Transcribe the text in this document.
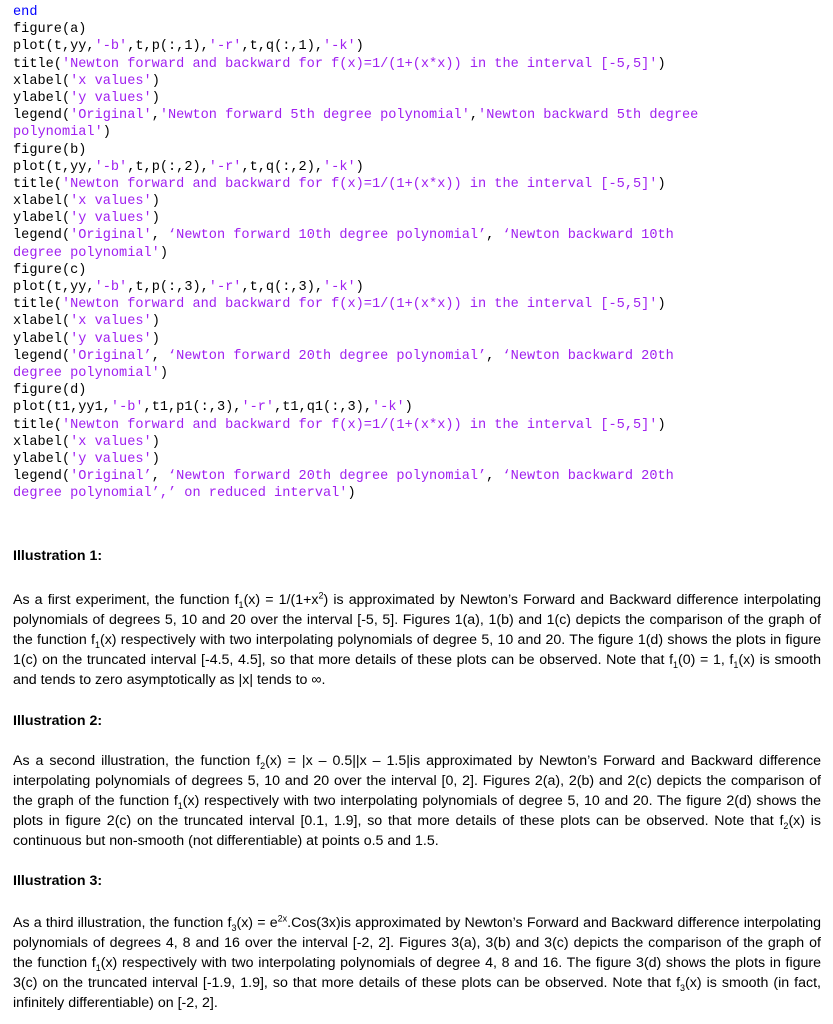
end
figure(a)
plot(t,yy,'-b',t,p(:,1),'-r',t,q(:,1),'-k')
title('Newton forward and backward for f(x)=1/(1+(x*x)) in the interval [-5,5]')
xlabel('x values')
ylabel('y values')
legend('Original','Newton forward 5th degree polynomial','Newton backward 5th degree
polynomial')
figure(b)
plot(t,yy,'-b',t,p(:,2),'-r',t,q(:,2),'-k')
title('Newton forward and backward for f(x)=1/(1+(x*x)) in the interval [-5,5]')
xlabel('x values')
ylabel('y values')
legend('Original', ‘Newton forward 10th degree polynomial’, ‘Newton backward 10th
degree polynomial')
figure(c)
plot(t,yy,'-b',t,p(:,3),'-r',t,q(:,3),'-k')
title('Newton forward and backward for f(x)=1/(1+(x*x)) in the interval [-5,5]')
xlabel('x values')
ylabel('y values')
legend('Original’, ‘Newton forward 20th degree polynomial’, ‘Newton backward 20th
degree polynomial')
figure(d)
plot(t1,yy1,'-b',t1,p1(:,3),'-r',t1,q1(:,3),'-k')
title('Newton forward and backward for f(x)=1/(1+(x*x)) in the interval [-5,5]')
xlabel('x values')
ylabel('y values')
legend('Original’, ‘Newton forward 20th degree polynomial’, ‘Newton backward 20th
degree polynomial’,’ on reduced interval')
Illustration 1:
As a first experiment, the function $f_1(x) = 1/(1+x^2)$ is approximated by Newton’s Forward and Backward difference interpolating polynomials of degrees 5, 10 and 20 over the interval [-5, 5]. Figures 1(a), 1(b) and 1(c) depicts the comparison of the graph of the function $f_1(x)$ respectively with two interpolating polynomials of degree 5, 10 and 20. The figure 1(d) shows the plots in figure 1(c) on the truncated interval [-4.5, 4.5], so that more details of these plots can be observed. Note that $f_1(0) = 1$, $f_1(x)$ is smooth and tends to zero asymptotically as |x| tends to ∞.
Illustration 2:
As a second illustration, the function $f_2(x) = |x - 0.5||x - 1.5|is$ approximated by Newton’s Forward and Backward difference interpolating polynomials of degrees 5, 10 and 20 over the interval [0, 2]. Figures 2(a), 2(b) and 2(c) depicts the comparison of the graph of the function $f_1(x)$ respectively with two interpolating polynomials of degree 5, 10 and 20. The figure 2(d) shows the plots in figure 2(c) on the truncated interval [0.1, 1.9], so that more details of these plots can be observed. Note that $f_2(x)$ is continuous but non-smooth (not differentiable) at points o.5 and 1.5.
Illustration 3:
As a third illustration, the function $f_3(x) = e^{2x}.Cos(3x)is$ approximated by Newton’s Forward and Backward difference interpolating polynomials of degrees 4, 8 and 16 over the interval [-2, 2]. Figures 3(a), 3(b) and 3(c) depicts the comparison of the graph of the function $f_1(x)$ respectively with two interpolating polynomials of degree 4, 8 and 16. The figure 3(d) shows the plots in figure 3(c) on the truncated interval [-1.9, 1.9], so that more details of these plots can be observed. Note that $f_3(x)$ is smooth (in fact, infinitely differentiable) on [-2, 2].
